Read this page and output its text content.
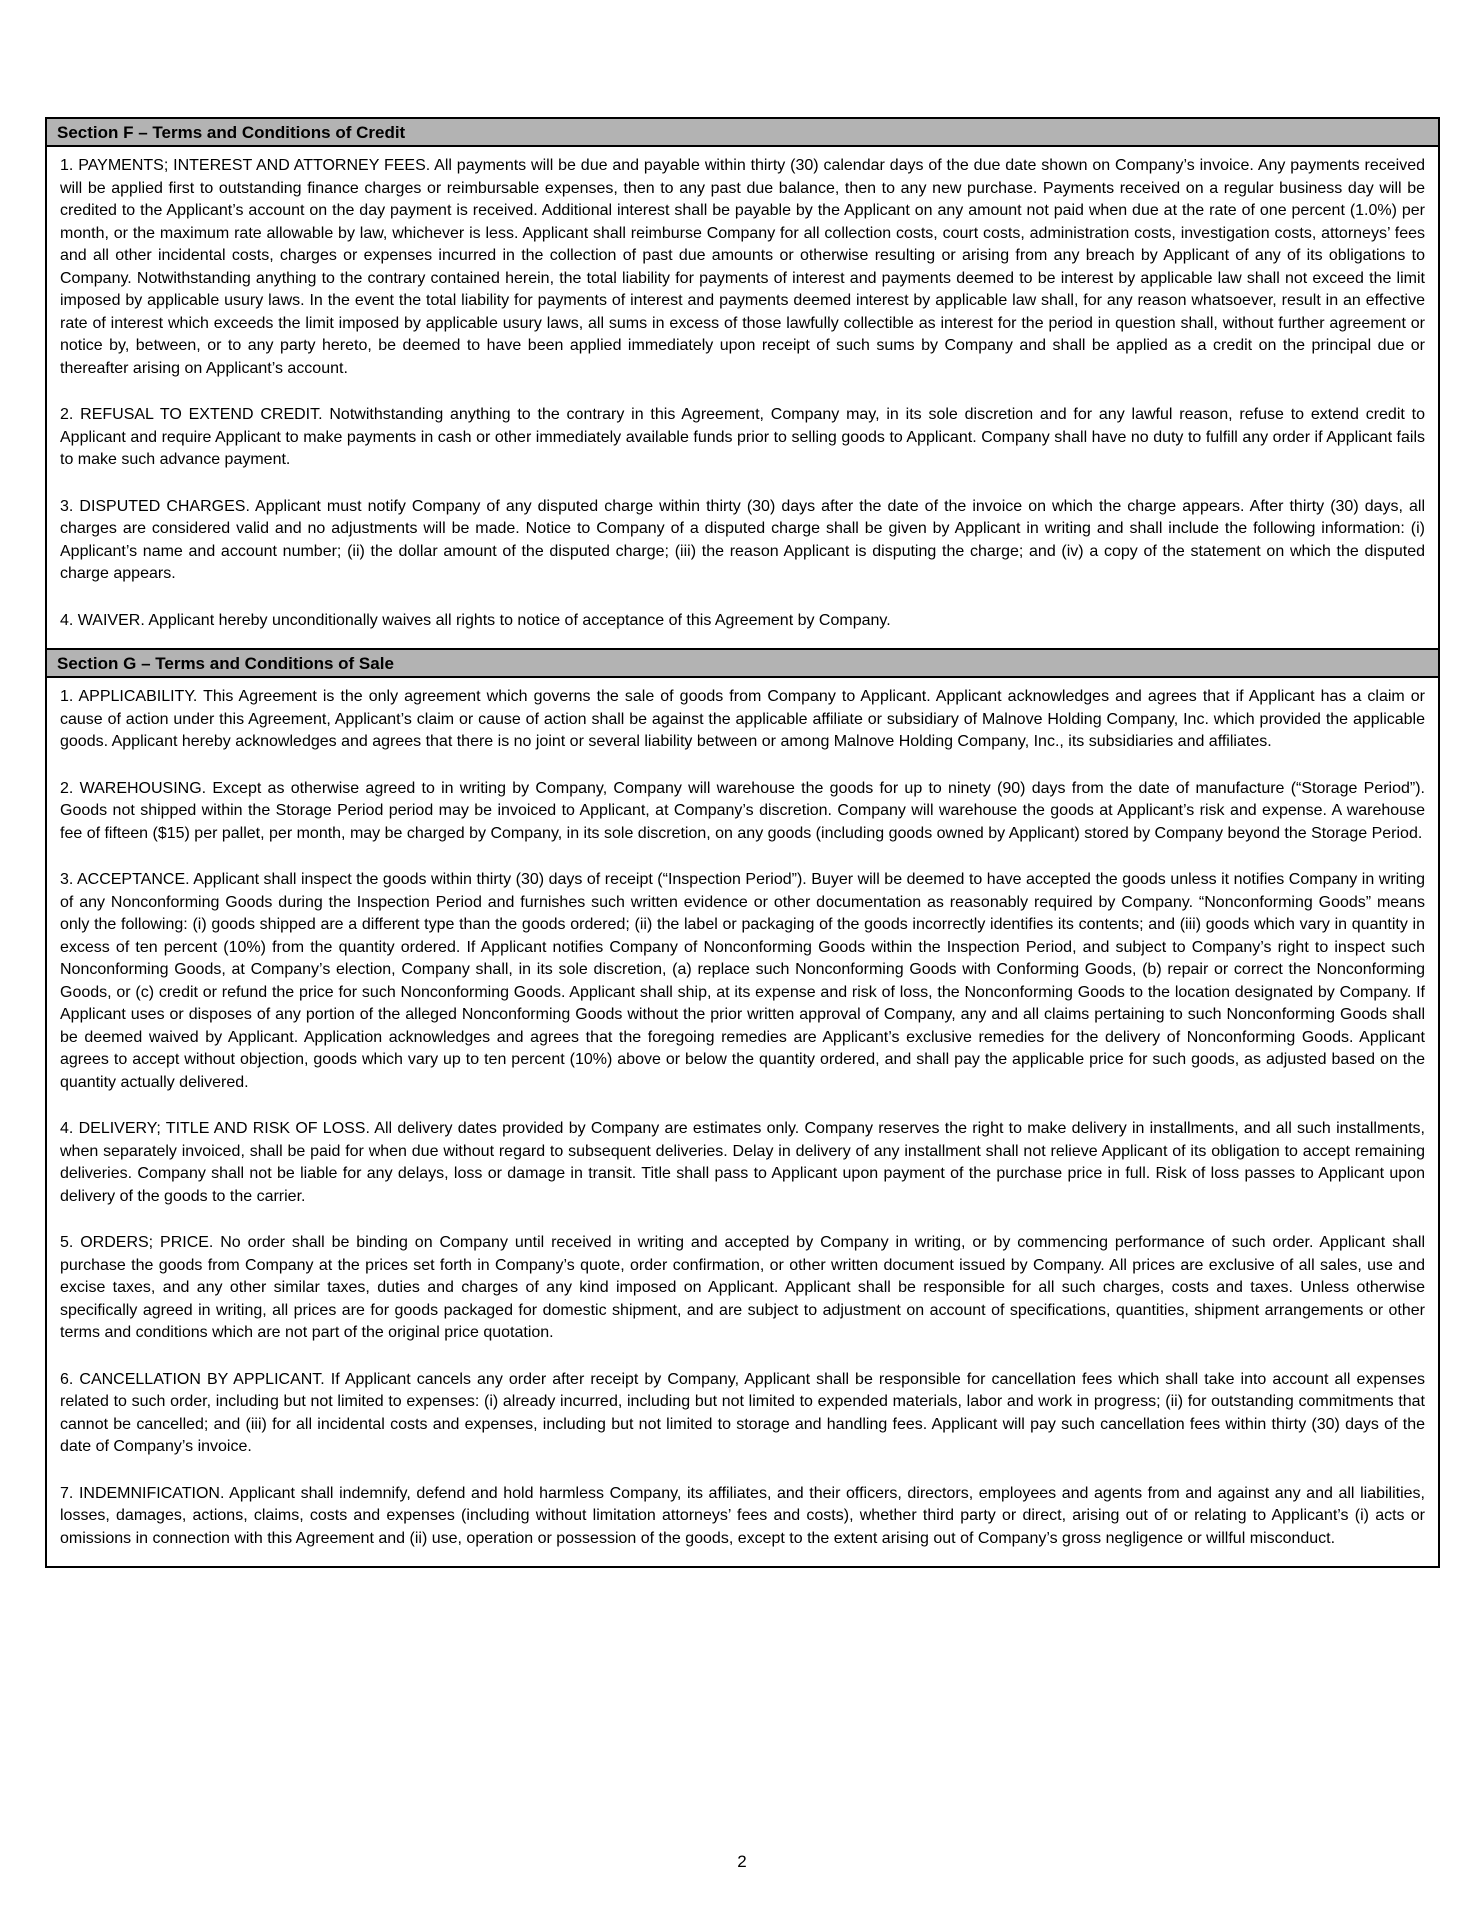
Section F – Terms and Conditions of Credit

1. PAYMENTS; INTEREST AND ATTORNEY FEES. All payments will be due and payable within thirty (30) calendar days of the due date shown on Company’s invoice. Any payments received will be applied first to outstanding finance charges or reimbursable expenses, then to any past due balance, then to any new purchase. Payments received on a regular business day will be credited to the Applicant’s account on the day payment is received. Additional interest shall be payable by the Applicant on any amount not paid when due at the rate of one percent (1.0%) per month, or the maximum rate allowable by law, whichever is less. Applicant shall reimburse Company for all collection costs, court costs, administration costs, investigation costs, attorneys’ fees and all other incidental costs, charges or expenses incurred in the collection of past due amounts or otherwise resulting or arising from any breach by Applicant of any of its obligations to Company. Notwithstanding anything to the contrary contained herein, the total liability for payments of interest and payments deemed to be interest by applicable law shall not exceed the limit imposed by applicable usury laws. In the event the total liability for payments of interest and payments deemed interest by applicable law shall, for any reason whatsoever, result in an effective rate of interest which exceeds the limit imposed by applicable usury laws, all sums in excess of those lawfully collectible as interest for the period in question shall, without further agreement or notice by, between, or to any party hereto, be deemed to have been applied immediately upon receipt of such sums by Company and shall be applied as a credit on the principal due or thereafter arising on Applicant’s account.

2. REFUSAL TO EXTEND CREDIT. Notwithstanding anything to the contrary in this Agreement, Company may, in its sole discretion and for any lawful reason, refuse to extend credit to Applicant and require Applicant to make payments in cash or other immediately available funds prior to selling goods to Applicant. Company shall have no duty to fulfill any order if Applicant fails to make such advance payment.

3. DISPUTED CHARGES. Applicant must notify Company of any disputed charge within thirty (30) days after the date of the invoice on which the charge appears. After thirty (30) days, all charges are considered valid and no adjustments will be made. Notice to Company of a disputed charge shall be given by Applicant in writing and shall include the following information: (i) Applicant’s name and account number; (ii) the dollar amount of the disputed charge; (iii) the reason Applicant is disputing the charge; and (iv) a copy of the statement on which the disputed charge appears.

4. WAIVER. Applicant hereby unconditionally waives all rights to notice of acceptance of this Agreement by Company.

Section G – Terms and Conditions of Sale

1. APPLICABILITY. This Agreement is the only agreement which governs the sale of goods from Company to Applicant. Applicant acknowledges and agrees that if Applicant has a claim or cause of action under this Agreement, Applicant’s claim or cause of action shall be against the applicable affiliate or subsidiary of Malnove Holding Company, Inc. which provided the applicable goods. Applicant hereby acknowledges and agrees that there is no joint or several liability between or among Malnove Holding Company, Inc., its subsidiaries and affiliates.

2. WAREHOUSING. Except as otherwise agreed to in writing by Company, Company will warehouse the goods for up to ninety (90) days from the date of manufacture (“Storage Period”). Goods not shipped within the Storage Period period may be invoiced to Applicant, at Company’s discretion. Company will warehouse the goods at Applicant’s risk and expense. A warehouse fee of fifteen ($15) per pallet, per month, may be charged by Company, in its sole discretion, on any goods (including goods owned by Applicant) stored by Company beyond the Storage Period.

3. ACCEPTANCE. Applicant shall inspect the goods within thirty (30) days of receipt (“Inspection Period”). Buyer will be deemed to have accepted the goods unless it notifies Company in writing of any Nonconforming Goods during the Inspection Period and furnishes such written evidence or other documentation as reasonably required by Company. “Nonconforming Goods” means only the following: (i) goods shipped are a different type than the goods ordered; (ii) the label or packaging of the goods incorrectly identifies its contents; and (iii) goods which vary in quantity in excess of ten percent (10%) from the quantity ordered. If Applicant notifies Company of Nonconforming Goods within the Inspection Period, and subject to Company’s right to inspect such Nonconforming Goods, at Company’s election, Company shall, in its sole discretion, (a) replace such Nonconforming Goods with Conforming Goods, (b) repair or correct the Nonconforming Goods, or (c) credit or refund the price for such Nonconforming Goods. Applicant shall ship, at its expense and risk of loss, the Nonconforming Goods to the location designated by Company. If Applicant uses or disposes of any portion of the alleged Nonconforming Goods without the prior written approval of Company, any and all claims pertaining to such Nonconforming Goods shall be deemed waived by Applicant. Application acknowledges and agrees that the foregoing remedies are Applicant’s exclusive remedies for the delivery of Nonconforming Goods. Applicant agrees to accept without objection, goods which vary up to ten percent (10%) above or below the quantity ordered, and shall pay the applicable price for such goods, as adjusted based on the quantity actually delivered.

4. DELIVERY; TITLE AND RISK OF LOSS. All delivery dates provided by Company are estimates only. Company reserves the right to make delivery in installments, and all such installments, when separately invoiced, shall be paid for when due without regard to subsequent deliveries. Delay in delivery of any installment shall not relieve Applicant of its obligation to accept remaining deliveries. Company shall not be liable for any delays, loss or damage in transit. Title shall pass to Applicant upon payment of the purchase price in full. Risk of loss passes to Applicant upon delivery of the goods to the carrier.

5. ORDERS; PRICE. No order shall be binding on Company until received in writing and accepted by Company in writing, or by commencing performance of such order. Applicant shall purchase the goods from Company at the prices set forth in Company’s quote, order confirmation, or other written document issued by Company. All prices are exclusive of all sales, use and excise taxes, and any other similar taxes, duties and charges of any kind imposed on Applicant. Applicant shall be responsible for all such charges, costs and taxes. Unless otherwise specifically agreed in writing, all prices are for goods packaged for domestic shipment, and are subject to adjustment on account of specifications, quantities, shipment arrangements or other terms and conditions which are not part of the original price quotation.

6. CANCELLATION BY APPLICANT. If Applicant cancels any order after receipt by Company, Applicant shall be responsible for cancellation fees which shall take into account all expenses related to such order, including but not limited to expenses: (i) already incurred, including but not limited to expended materials, labor and work in progress; (ii) for outstanding commitments that cannot be cancelled; and (iii) for all incidental costs and expenses, including but not limited to storage and handling fees. Applicant will pay such cancellation fees within thirty (30) days of the date of Company’s invoice.

7. INDEMNIFICATION. Applicant shall indemnify, defend and hold harmless Company, its affiliates, and their officers, directors, employees and agents from and against any and all liabilities, losses, damages, actions, claims, costs and expenses (including without limitation attorneys’ fees and costs), whether third party or direct, arising out of or relating to Applicant’s (i) acts or omissions in connection with this Agreement and (ii) use, operation or possession of the goods, except to the extent arising out of Company’s gross negligence or willful misconduct.

2
